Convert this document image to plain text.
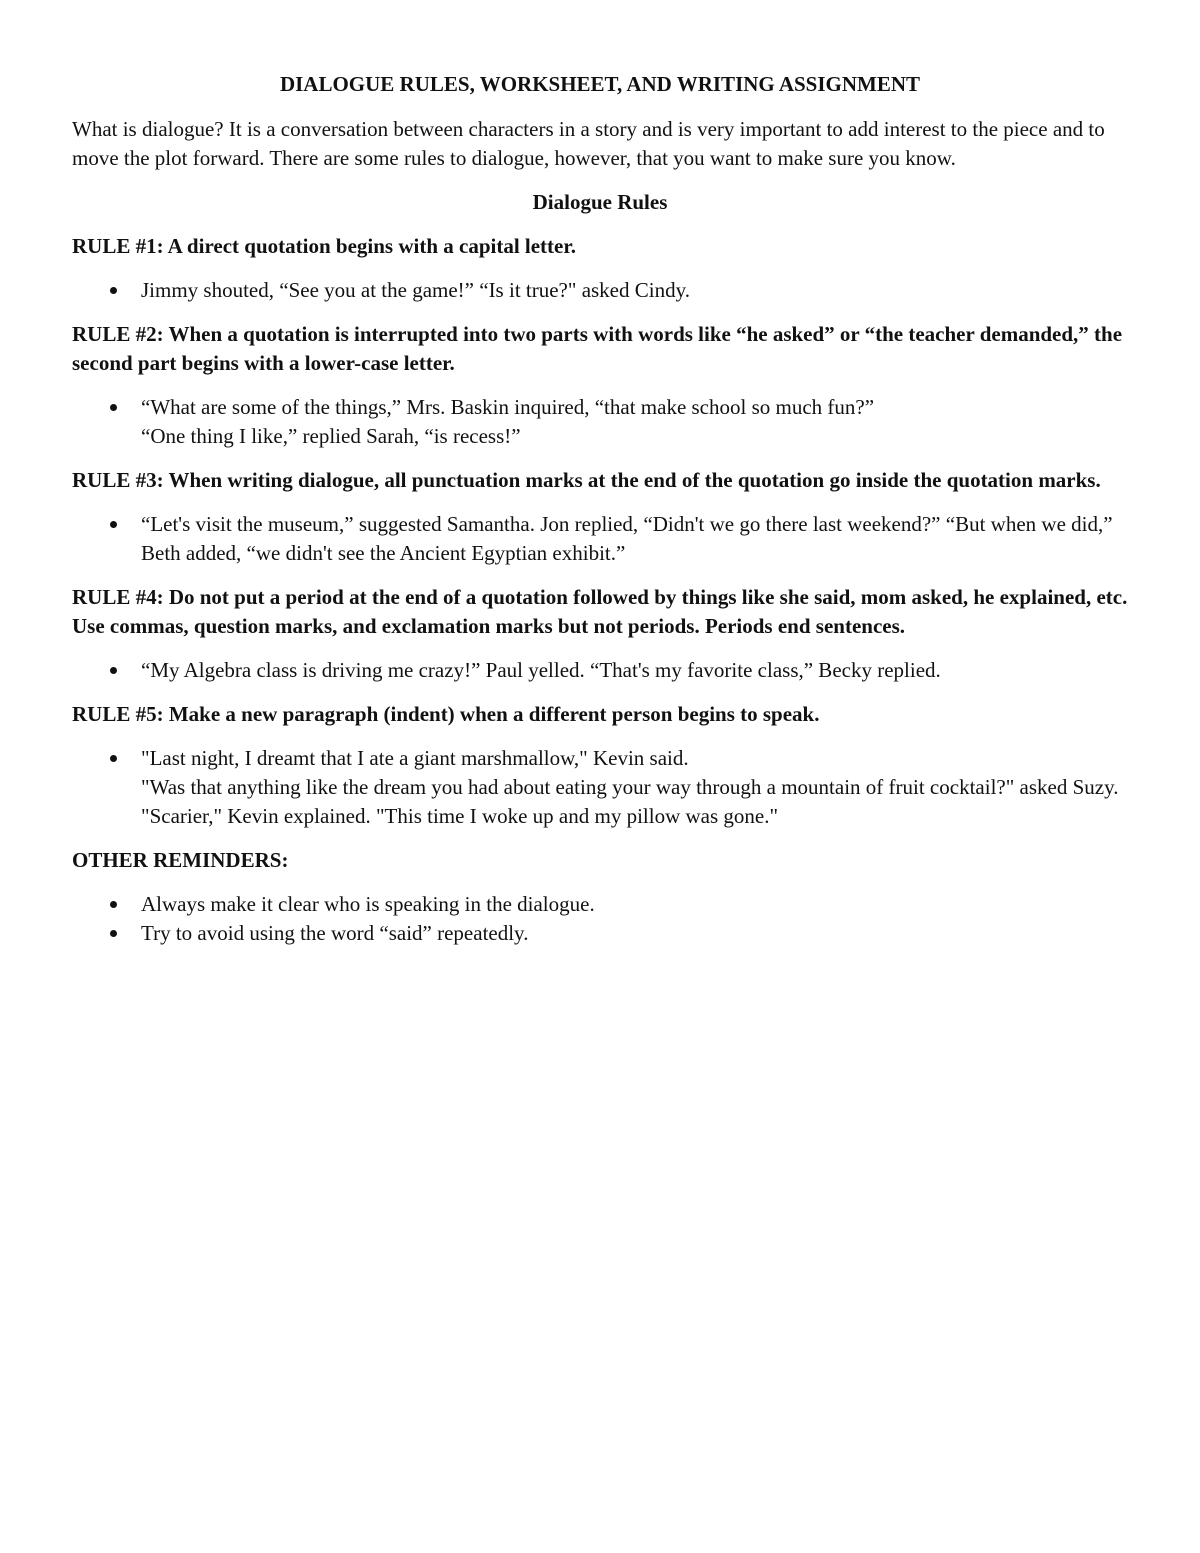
DIALOGUE RULES, WORKSHEET, AND WRITING ASSIGNMENT

What is dialogue? It is a conversation between characters in a story and is very important to add interest to the piece and to move the plot forward. There are some rules to dialogue, however, that you want to make sure you know.

Dialogue Rules

RULE #1: A direct quotation begins with a capital letter.

Jimmy shouted, “See you at the game!” “Is it true?" asked Cindy.

RULE #2: When a quotation is interrupted into two parts with words like “he asked” or “the teacher demanded,” the second part begins with a lower-case letter.

“What are some of the things,” Mrs. Baskin inquired, “that make school so much fun?”
“One thing I like,” replied Sarah, “is recess!”

RULE #3: When writing dialogue, all punctuation marks at the end of the quotation go inside the quotation marks.

“Let's visit the museum,” suggested Samantha. Jon replied, “Didn't we go there last weekend?” “But when we did,” Beth added, “we didn't see the Ancient Egyptian exhibit.”

RULE #4: Do not put a period at the end of a quotation followed by things like she said, mom asked, he explained, etc. Use commas, question marks, and exclamation marks but not periods. Periods end sentences.

“My Algebra class is driving me crazy!” Paul yelled. “That's my favorite class,” Becky replied.

RULE #5: Make a new paragraph (indent) when a different person begins to speak.

"Last night, I dreamt that I ate a giant marshmallow," Kevin said.
"Was that anything like the dream you had about eating your way through a mountain of fruit cocktail?" asked Suzy.
"Scarier," Kevin explained. "This time I woke up and my pillow was gone."

OTHER REMINDERS:

Always make it clear who is speaking in the dialogue.
Try to avoid using the word “said” repeatedly.
